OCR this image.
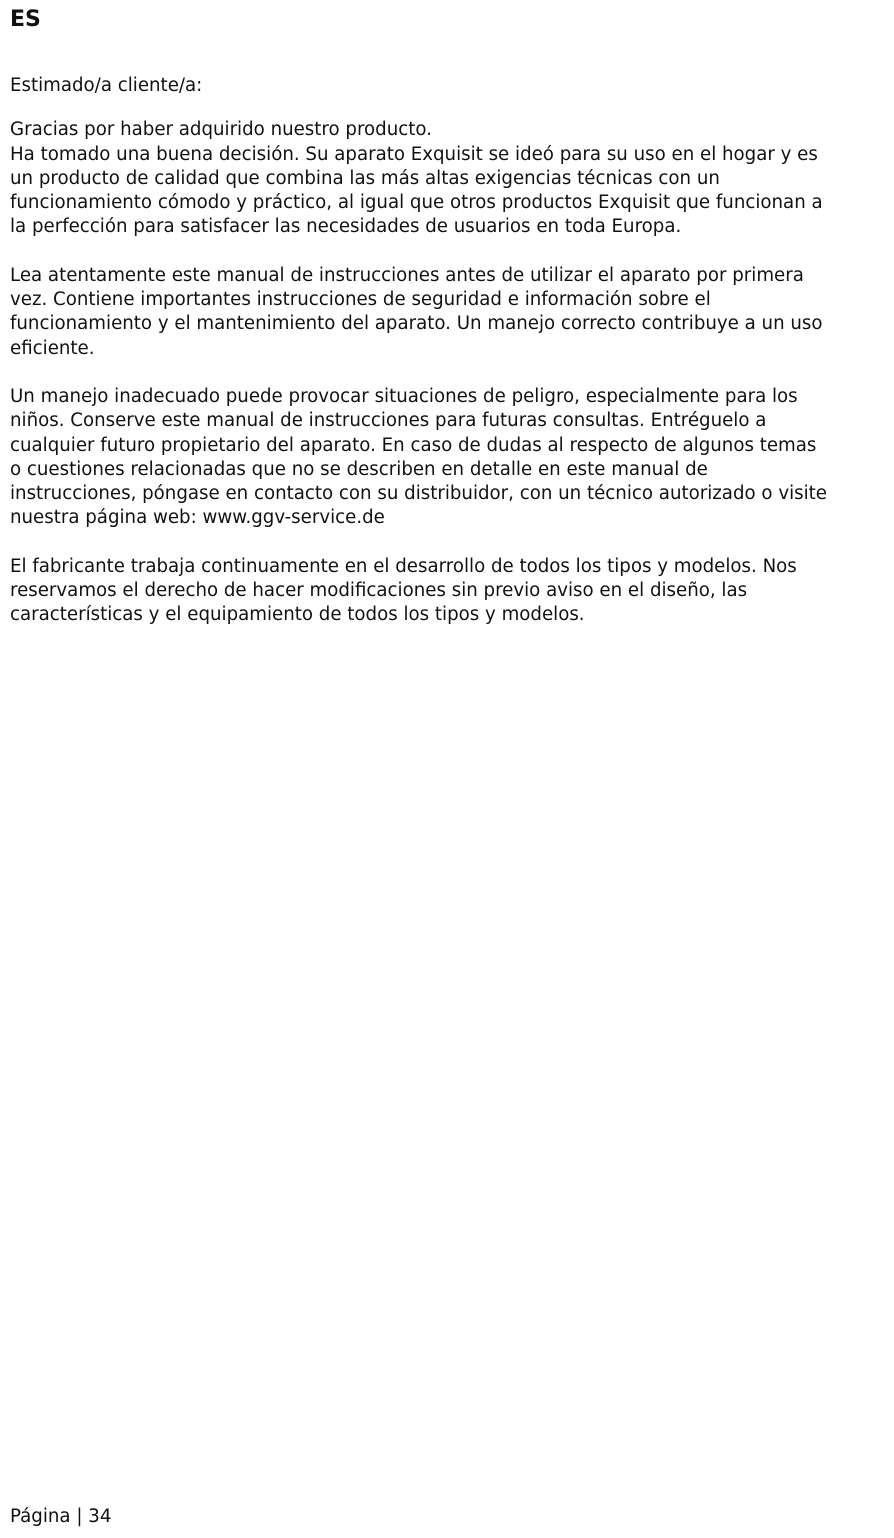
ES

Estimado/a cliente/a:

Gracias por haber adquirido nuestro producto.

Ha tomado una buena decisión. Su aparato Exquisit se ideó para su uso en el hogar y es

un producto de calidad que combina las más altas exigencias técnicas con un

funcionamiento cómodo y práctico, al igual que otros productos Exquisit que funcionan a

la perfección para satisfacer las necesidades de usuarios en toda Europa.

Lea atentamente este manual de instrucciones antes de utilizar el aparato por primera

vez. Contiene importantes instrucciones de seguridad e información sobre el

funcionamiento y el mantenimiento del aparato. Un manejo correcto contribuye a un uso

eficiente.

Un manejo inadecuado puede provocar situaciones de peligro, especialmente para los

niños. Conserve este manual de instrucciones para futuras consultas. Entréguelo a

cualquier futuro propietario del aparato. En caso de dudas al respecto de algunos temas

o cuestiones relacionadas que no se describen en detalle en este manual de

instrucciones, póngase en contacto con su distribuidor, con un técnico autorizado o visite

nuestra página web: www.ggv-service.de

El fabricante trabaja continuamente en el desarrollo de todos los tipos y modelos. Nos

reservamos el derecho de hacer modificaciones sin previo aviso en el diseño, las

características y el equipamiento de todos los tipos y modelos.

Página | 34
